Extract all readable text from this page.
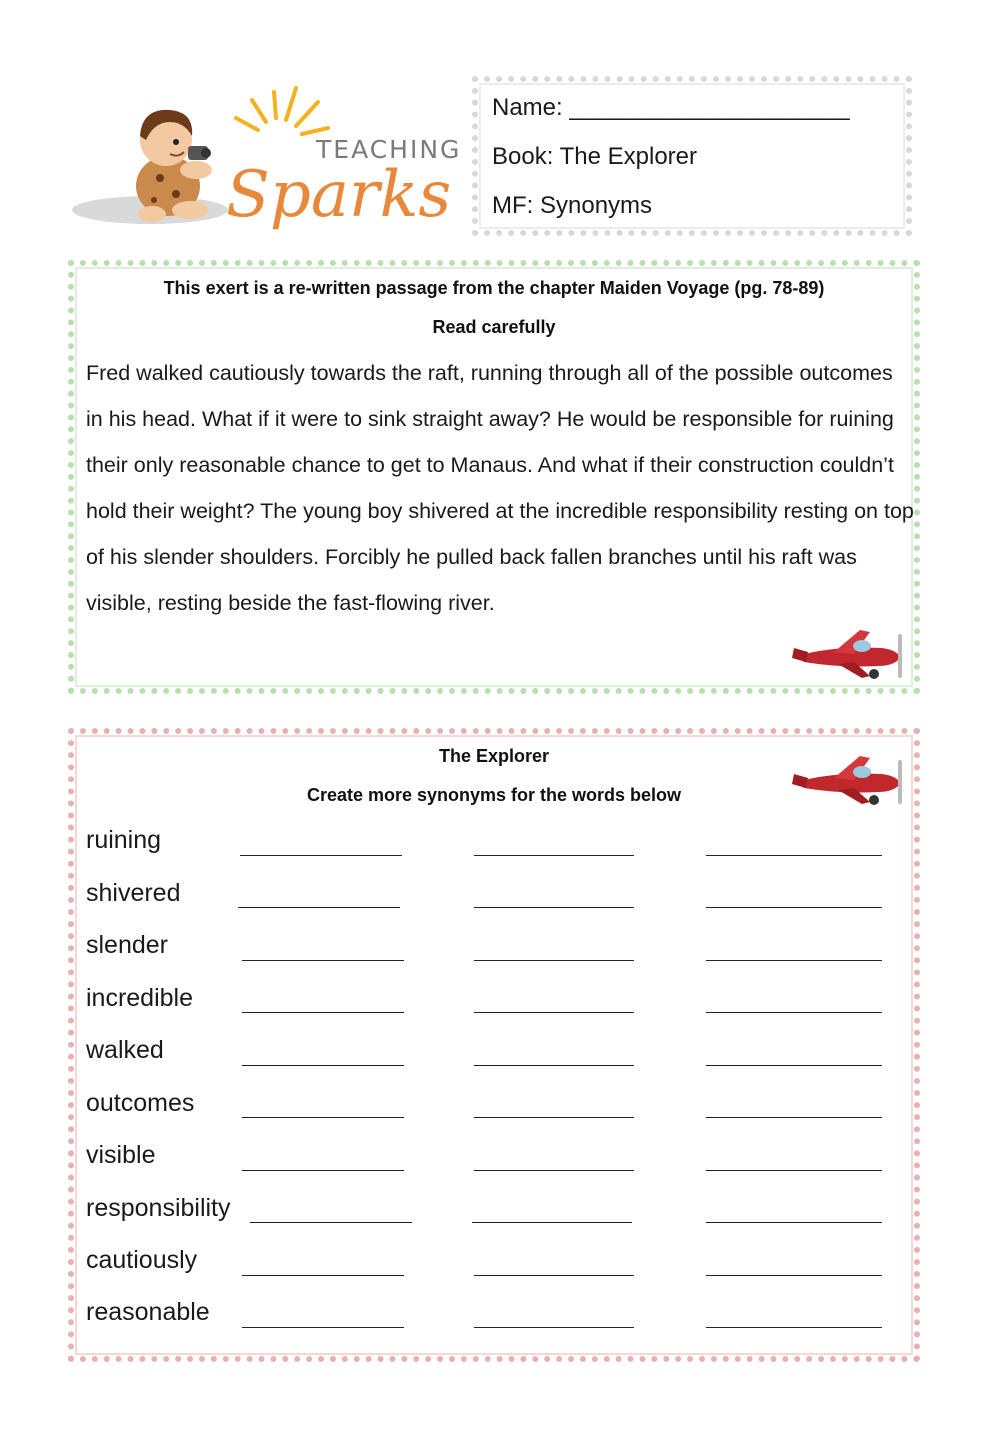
TEACHING
Sparks
Name: _____________________
Book: The Explorer
MF: Synonyms
This exert is a re-written passage from the chapter Maiden Voyage (pg. 78-89)
Read carefully

Fred walked cautiously towards the raft, running through all of the possible outcomes in his head. What if it were to sink straight away? He would be responsible for ruining their only reasonable chance to get to Manaus. And what if their construction couldn’t hold their weight? The young boy shivered at the incredible responsibility resting on top of his slender shoulders. Forcibly he pulled back fallen branches until his raft was visible, resting beside the fast-flowing river.

The Explorer
Create more synonyms for the words below
ruining
shivered
slender
incredible
walked
outcomes
visible
responsibility
cautiously
reasonable
